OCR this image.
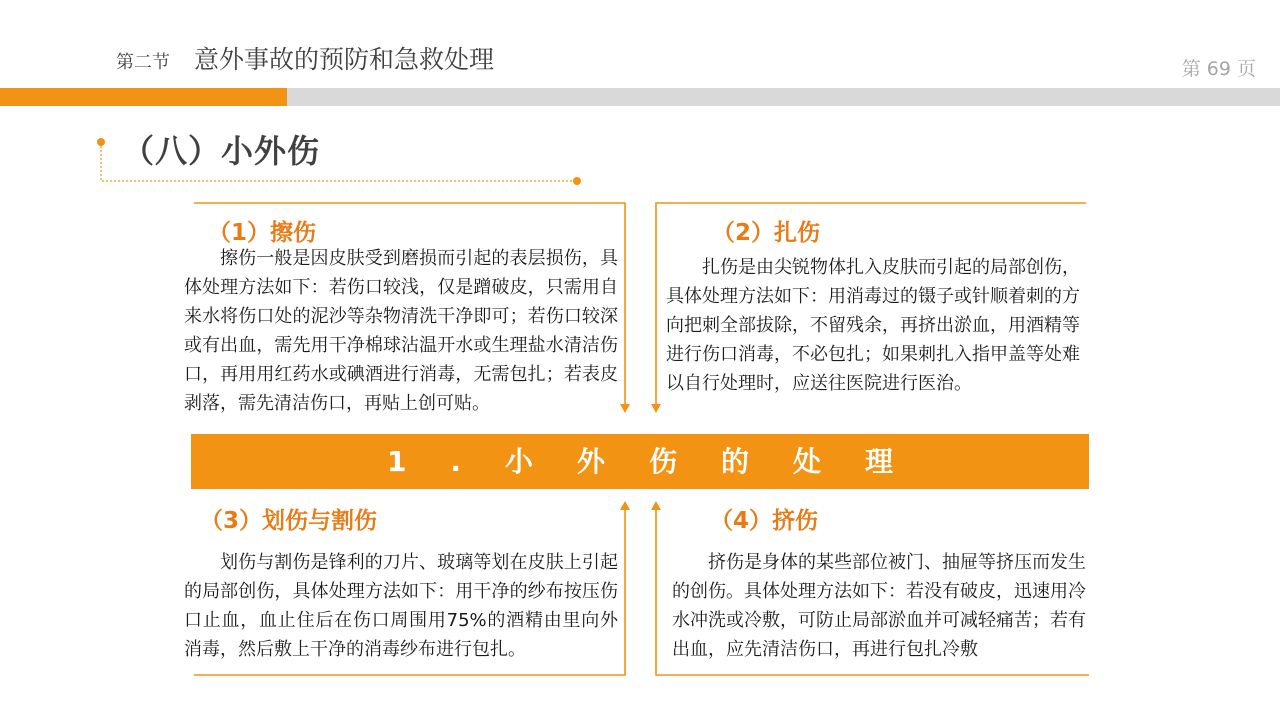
第二节 意外事故的预防和急救处理	第 69 页
（八）小外伤
（1）擦伤

擦伤一般是因皮肤受到磨损而引起的表层损伤，具体处理方法如下：若伤口较浅，仅是蹭破皮，只需用自来水将伤口处的泥沙等杂物清洗干净即可；若伤口较深或有出血，需先用干净棉球沾温开水或生理盐水清洁伤口，再用用红药水或碘酒进行消毒，无需包扎；若表皮剥落，需先清洁伤口，再贴上创可贴。

（2）扎伤

扎伤是由尖锐物体扎入皮肤而引起的局部创伤，具体处理方法如下：用消毒过的镊子或针顺着刺的方向把刺全部拔除，不留残余，再挤出淤血，用酒精等进行伤口消毒，不必包扎；如果刺扎入指甲盖等处难以自行处理时，应送往医院进行医治。

1.小外伤的处理
（3）划伤与割伤

划伤与割伤是锋利的刀片、玻璃等划在皮肤上引起的局部创伤，具体处理方法如下：用干净的纱布按压伤口止血，血止住后在伤口周围用75%的酒精由里向外消毒，然后敷上干净的消毒纱布进行包扎。

（4）挤伤

挤伤是身体的某些部位被门、抽屉等挤压而发生的创伤。具体处理方法如下：若没有破皮，迅速用冷水冲洗或冷敷，可防止局部淤血并可减轻痛苦；若有出血，应先清洁伤口，再进行包扎冷敷
